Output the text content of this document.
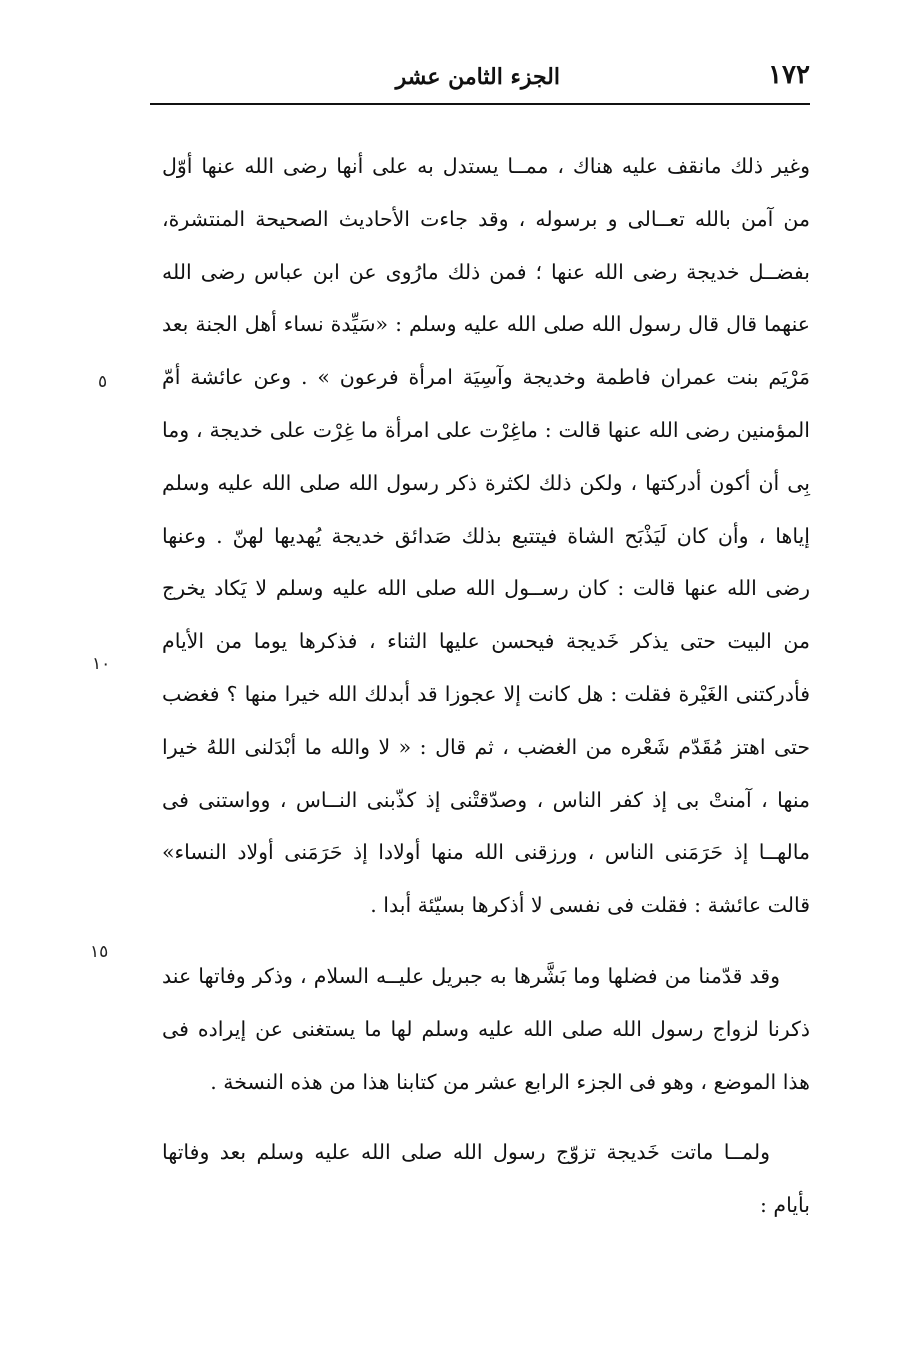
١٧٢
الجزء الثامن عشر
٥
١٠
١٥

وغير ذلك مانقف عليه هناك ، ممــا يستدل به على أنها رضى الله عنها أوّل من آمن بالله تعــالى و برسوله ، وقد جاءت الأحاديث الصحيحة المنتشرة، بفضــل خديجة رضى الله عنها ؛ فمن ذلك مارُوى عن ابن عباس رضى الله عنهما قال قال رسول الله صلى الله عليه وسلم : «سَيِّدة نساء أهل الجنة بعد مَرْيَم بنت عمران فاطمة وخديجة وآسِيَة امرأة فرعون » . وعن عائشة أمّ المؤمنين رضى الله عنها قالت : ماغِرْت على امرأة ما غِرْت على خديجة ، وما بِى أن أكون أدركتها ، ولكن ذلك لكثرة ذكر رسول الله صلى الله عليه وسلم إياها ، وأن كان لَيَذْبَح الشاة فيتتبع بذلك صَدائق خديجة يُهديها لهنّ . وعنها رضى الله عنها قالت : كان رســول الله صلى الله عليه وسلم لا يَكاد يخرج من البيت حتى يذكر خَديجة فيحسن عليها الثناء ، فذكرها يوما من الأيام فأدركتنى الغَيْرة فقلت : هل كانت إلا عجوزا قد أبدلك الله خيرا منها ؟ فغضب حتى اهتز مُقَدّم شَعْره من الغضب ، ثم قال : « لا والله ما أبْدَلنى اللهُ خيرا منها ، آمنتْ بى إذ كفر الناس ، وصدّقتْنى إذ كذّبنى النــاس ، وواستنى فى مالهــا إذ حَرَمَنى الناس ، ورزقنى الله منها أولادا إذ حَرَمَنى أولاد النساء» قالت عائشة : فقلت فى نفسى لا أذكرها بسيّئة أبدا .

وقد قدّمنا من فضلها وما بَشَّرها به جبريل عليــه السلام ، وذكر وفاتها عند ذكرنا لزواج رسول الله صلى الله عليه وسلم لها ما يستغنى عن إيراده فى هذا الموضع ، وهو فى الجزء الرابع عشر من كتابنا هذا من هذه النسخة .

ولمــا ماتت خَديجة تزوّج رسول الله صلى الله عليه وسلم بعد وفاتها بأيام :
